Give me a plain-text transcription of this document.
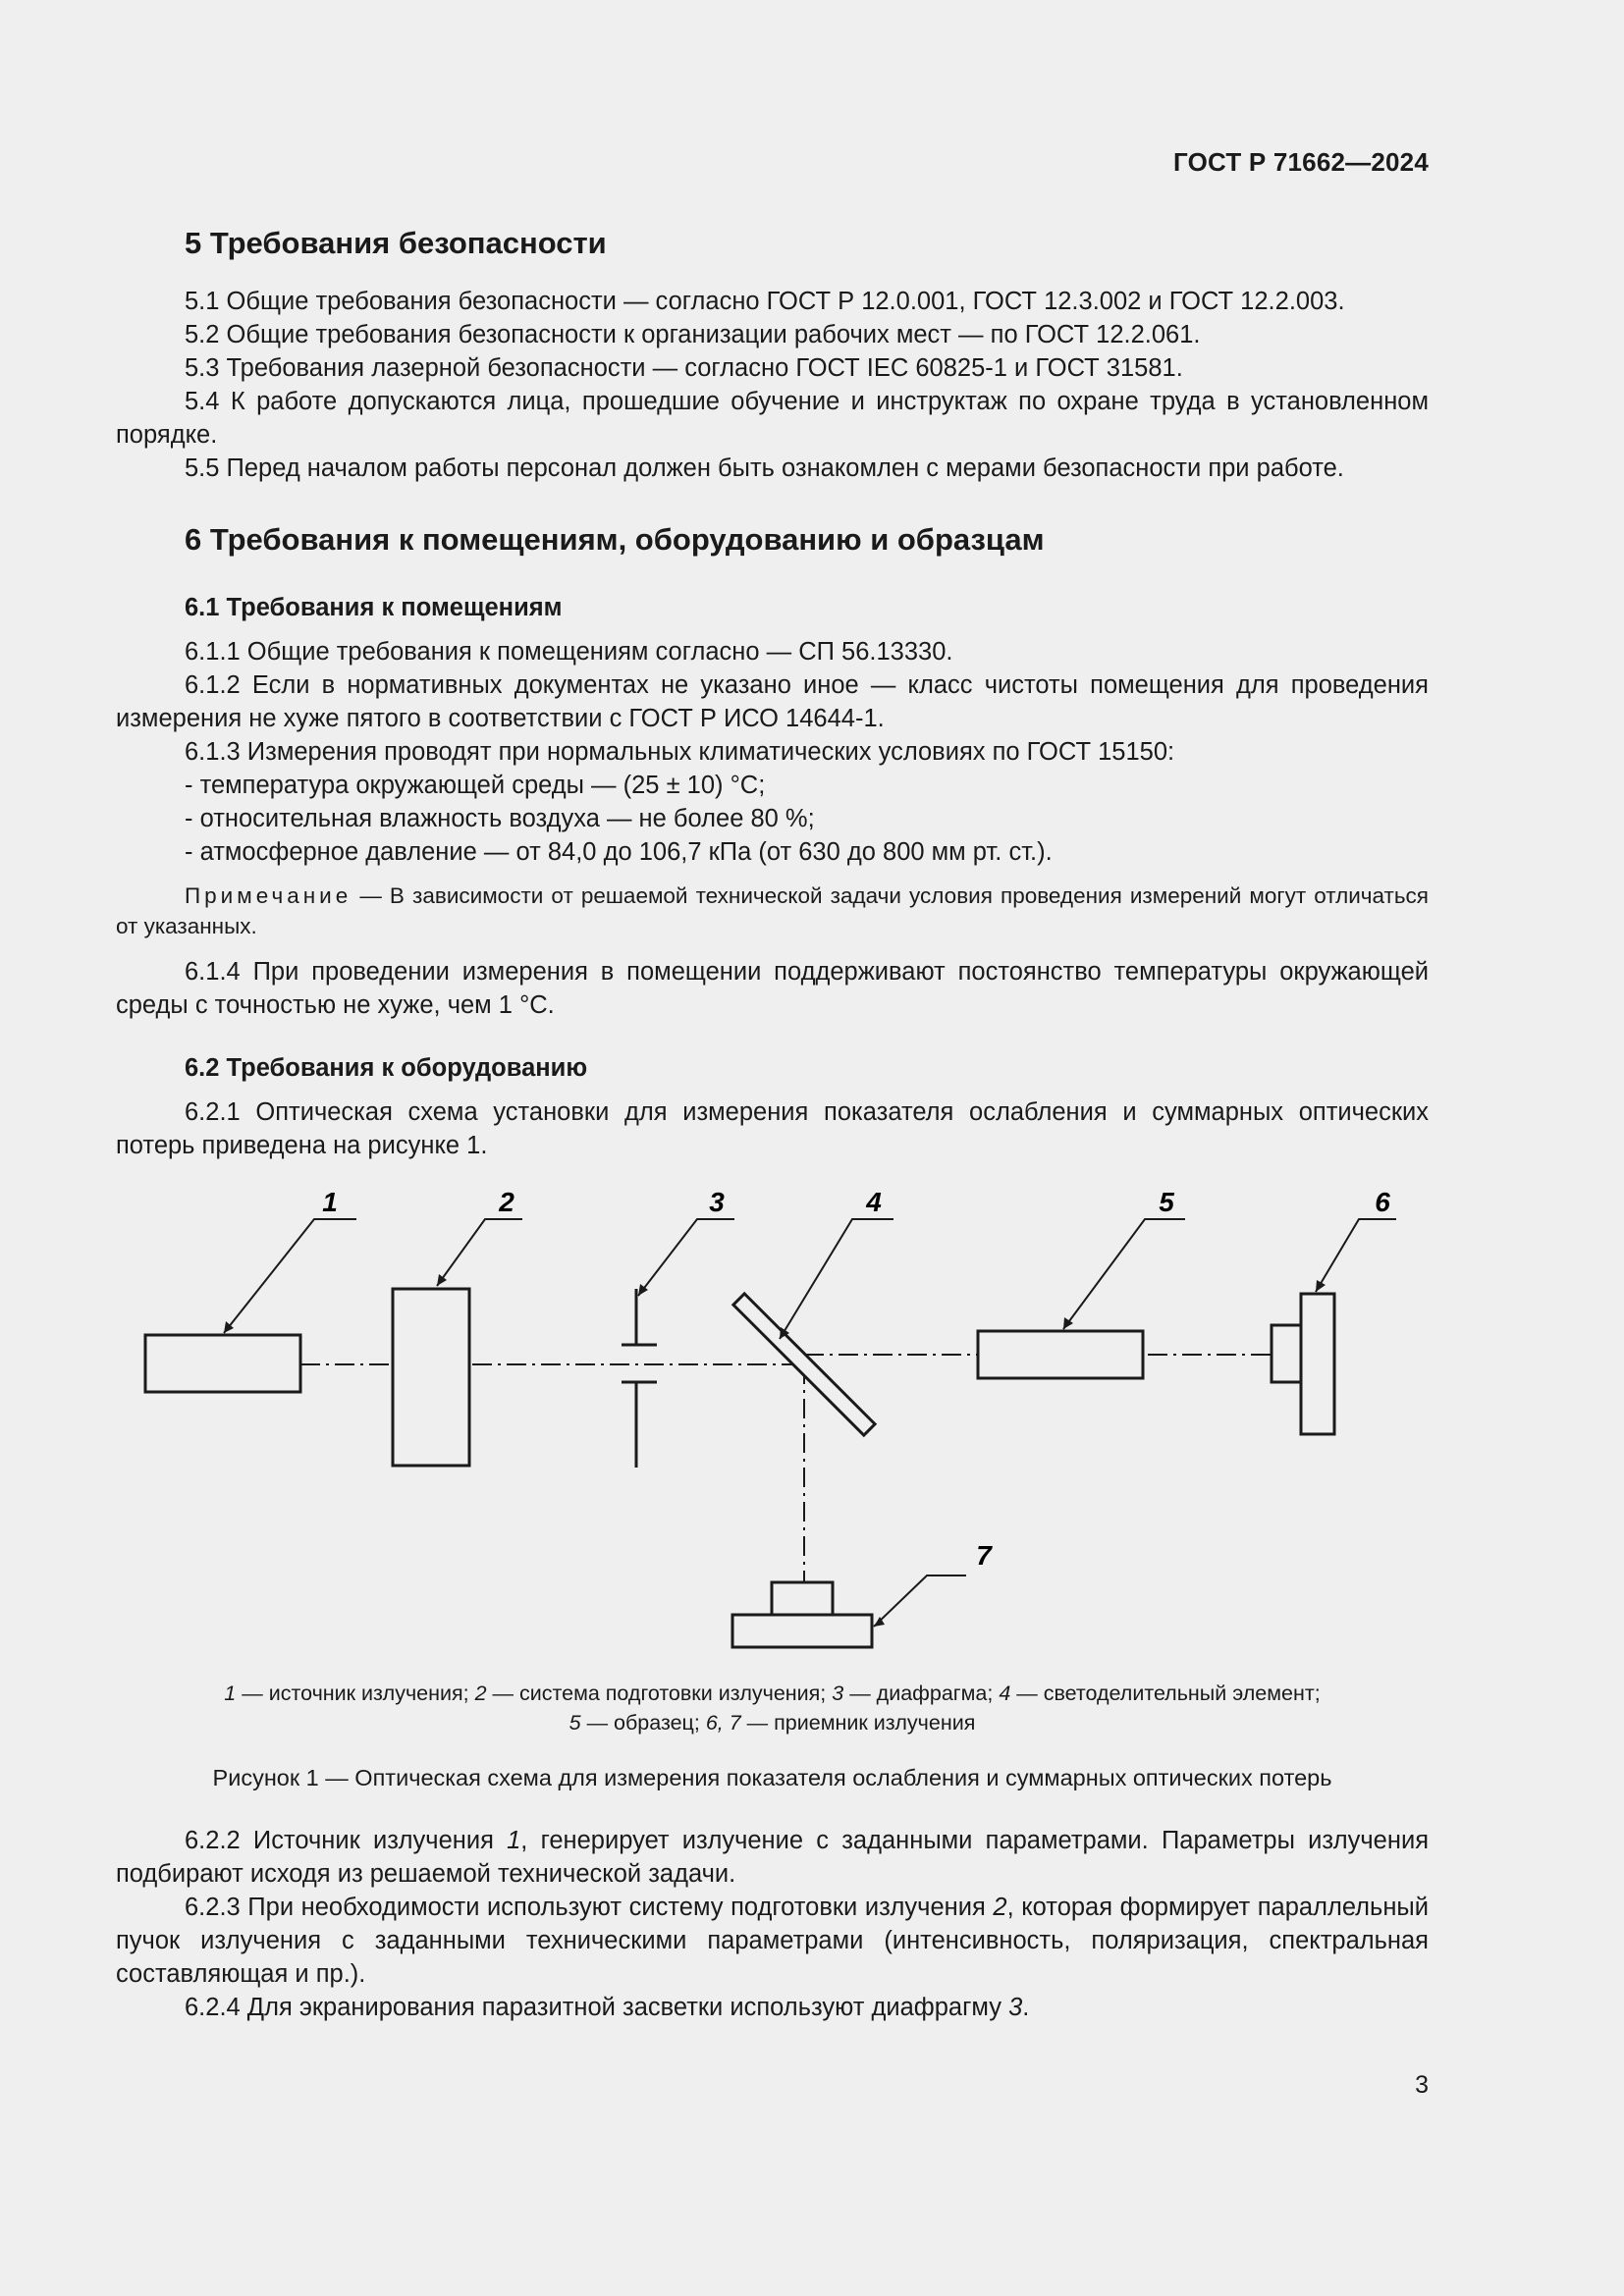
ГОСТ Р 71662—2024
5 Требования безопасности

5.1 Общие требования безопасности — согласно ГОСТ Р 12.0.001, ГОСТ 12.3.002 и ГОСТ 12.2.003.

5.2 Общие требования безопасности к организации рабочих мест — по ГОСТ 12.2.061.

5.3 Требования лазерной безопасности — согласно ГОСТ IEC 60825-1 и ГОСТ 31581.

5.4 К работе допускаются лица, прошедшие обучение и инструктаж по охране труда в установленном порядке.

5.5 Перед началом работы персонал должен быть ознакомлен с мерами безопасности при работе.

6 Требования к помещениям, оборудованию и образцам
6.1 Требования к помещениям

6.1.1 Общие требования к помещениям согласно — СП 56.13330.

6.1.2 Если в нормативных документах не указано иное — класс чистоты помещения для проведения измерения не хуже пятого в соответствии с ГОСТ Р ИСО 14644-1.

6.1.3 Измерения проводят при нормальных климатических условиях по ГОСТ 15150:

- температура окружающей среды — (25 ± 10) °С;

- относительная влажность воздуха — не более 80 %;

- атмосферное давление — от 84,0 до 106,7 кПа (от 630 до 800 мм рт. ст.).

Примечание — В зависимости от решаемой технической задачи условия проведения измерений могут отличаться от указанных.

6.1.4 При проведении измерения в помещении поддерживают постоянство температуры окружающей среды с точностью не хуже, чем 1 °С.

6.2 Требования к оборудованию

6.2.1 Оптическая схема установки для измерения показателя ослабления и суммарных оптических потерь приведена на рисунке 1.

1	2	3	4	5	6
7
1 — источник излучения; 2 — система подготовки излучения; 3 — диафрагма; 4 — светоделительный элемент;
5 — образец; 6, 7 — приемник излучения
Рисунок 1 — Оптическая схема для измерения показателя ослабления и суммарных оптических потерь

6.2.2 Источник излучения 1, генерирует излучение с заданными параметрами. Параметры излучения подбирают исходя из решаемой технической задачи.

6.2.3 При необходимости используют систему подготовки излучения 2, которая формирует параллельный пучок излучения с заданными техническими параметрами (интенсивность, поляризация, спектральная составляющая и пр.).

6.2.4 Для экранирования паразитной засветки используют диафрагму 3.

3
